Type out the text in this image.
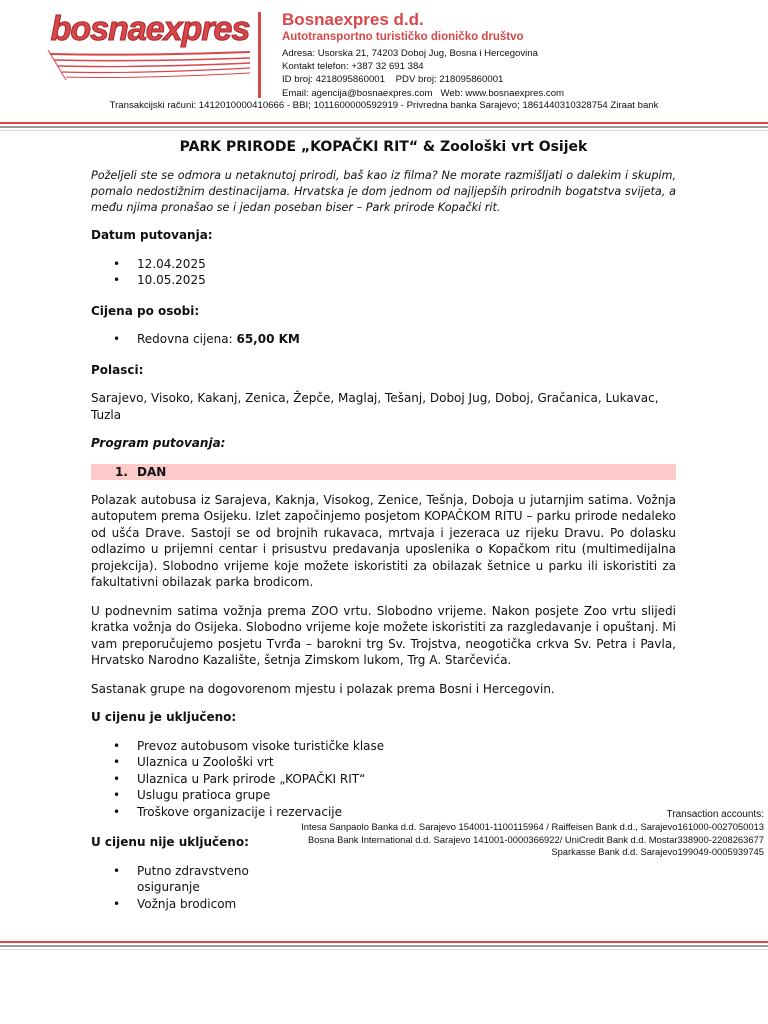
bosnaexpres	Bosnaexpres d.d.
Autotransportno turističko dioničko društvo
Adresa: Usorska 21, 74203 Doboj Jug, Bosna i Hercegovina
Kontakt telefon: +387 32 691 384
ID broj: 4218095860001    PDV broj: 218095860001
Email: agencija@bosnaexpres.com   Web: www.bosnaexpres.com
Transakcijski računi: 1412010000410666 - BBI; 1011600000592919 - Privredna banka Sarajevo; 1861440310328754 Ziraat bank
PARK PRIRODE „KOPAČKI RIT“ & Zoološki vrt Osijek
Poželjeli ste se odmora u netaknutoj prirodi, baš kao iz filma? Ne morate razmišljati o dalekim i skupim, pomalo nedostižnim destinacijama. Hrvatska je dom jednom od najljepših prirodnih bogatstva svijeta, a među njima pronašao se i jedan poseban biser – Park prirode Kopački rit.
Datum putovanja:
• 12.04.2025
• 10.05.2025
Cijena po osobi:
• Redovna cijena: 65,00 KM
Polasci:
Sarajevo, Visoko, Kakanj, Zenica, Žepče, Maglaj, Tešanj, Doboj Jug, Doboj, Gračanica, Lukavac, Tuzla
Program putovanja:
1. DAN
Polazak autobusa iz Sarajeva, Kaknja, Visokog, Zenice, Tešnja, Doboja u jutarnjim satima. Vožnja autoputem prema Osijeku. Izlet započinjemo posjetom KOPAČKOM RITU – parku prirode nedaleko od ušća Drave. Sastoji se od brojnih rukavaca, mrtvaja i jezeraca uz rijeku Dravu. Po dolasku odlazimo u prijemni centar i prisustvu predavanja uposlenika o Kopačkom ritu (multimedijalna projekcija). Slobodno vrijeme koje možete iskoristiti za obilazak šetnice u parku ili iskoristiti za fakultativni obilazak parka brodicom.
U podnevnim satima vožnja prema ZOO vrtu. Slobodno vrijeme. Nakon posjete Zoo vrtu slijedi kratka vožnja do Osijeka. Slobodno vrijeme koje možete iskoristiti za razgledavanje i opuštanj. Mi vam preporučujemo posjetu Tvrđa – barokni trg Sv. Trojstva, neogotička crkva Sv. Petra i Pavla, Hrvatsko Narodno Kazalište, šetnja Zimskom lukom, Trg A. Starčevića.
Sastanak grupe na dogovorenom mjestu i polazak prema Bosni i Hercegovin.
U cijenu je uključeno:
• Prevoz autobusom visoke turističke klase
• Ulaznica u Zoološki vrt
• Ulaznica u Park prirode „KOPAČKI RIT“
• Uslugu pratioca grupe
• Troškove organizacije i rezervacije
U cijenu nije uključeno:
• Putno zdravstveno osiguranje
• Vožnja brodicom
Transaction accounts:
Intesa Sanpaolo Banka d.d. Sarajevo 154001-1100115964 / Raiffeisen Bank d.d., Sarajevo161000-0027050013
Bosna Bank International d.d. Sarajevo 141001-0000366922/ UniCredit Bank d.d. Mostar338900-2208263677
Sparkasse Bank d.d. Sarajevo199049-0005939745
